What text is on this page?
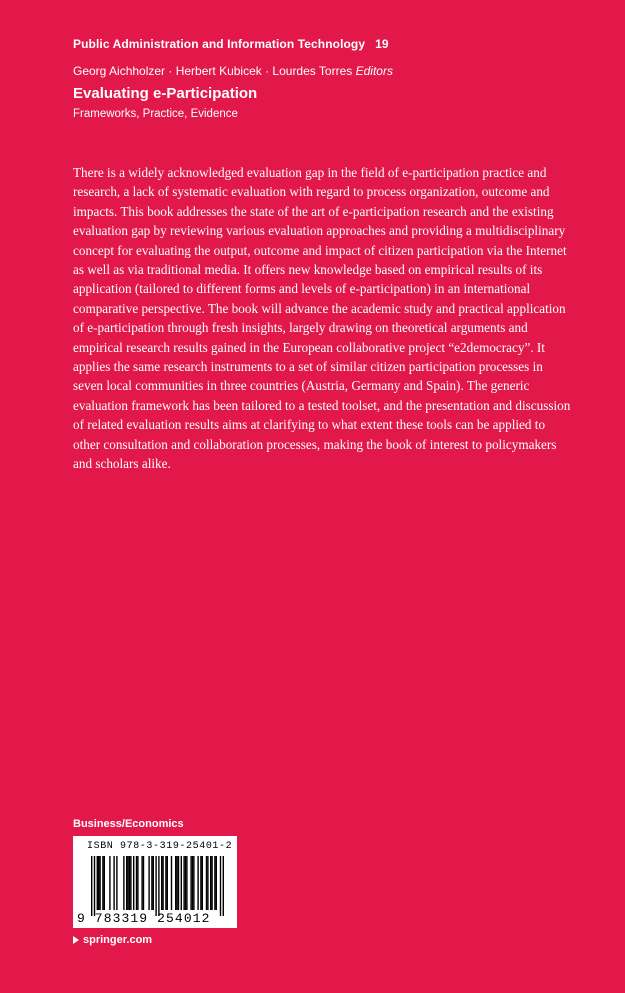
Public Administration and Information Technology 19
Georg Aichholzer · Herbert Kubicek · Lourdes Torres Editors
Evaluating e-Participation
Frameworks, Practice, Evidence

There is a widely acknowledged evaluation gap in the field of e-participation practice and research, a lack of systematic evaluation with regard to process organization, outcome and impacts. This book addresses the state of the art of e-participation research and the existing evaluation gap by reviewing various evaluation approaches and providing a multidisciplinary concept for evaluating the output, outcome and impact of citizen participation via the Internet as well as via traditional media. It offers new knowledge based on empirical results of its application (tailored to different forms and levels of e-participation) in an international comparative perspective. The book will advance the academic study and practical application of e-participation through fresh insights, largely drawing on theoretical arguments and empirical research results gained in the European collaborative project “e2democracy”. It applies the same research instruments to a set of similar citizen participation processes in seven local communities in three countries (Austria, Germany and Spain). The generic evaluation framework has been tailored to a tested toolset, and the presentation and discussion of related evaluation results aims at clarifying to what extent these tools can be applied to other consultation and collaboration processes, making the book of interest to policymakers and scholars alike.

Business/Economics
ISBN 978-3-319-25401-2
9 783319 254012
springer.com
